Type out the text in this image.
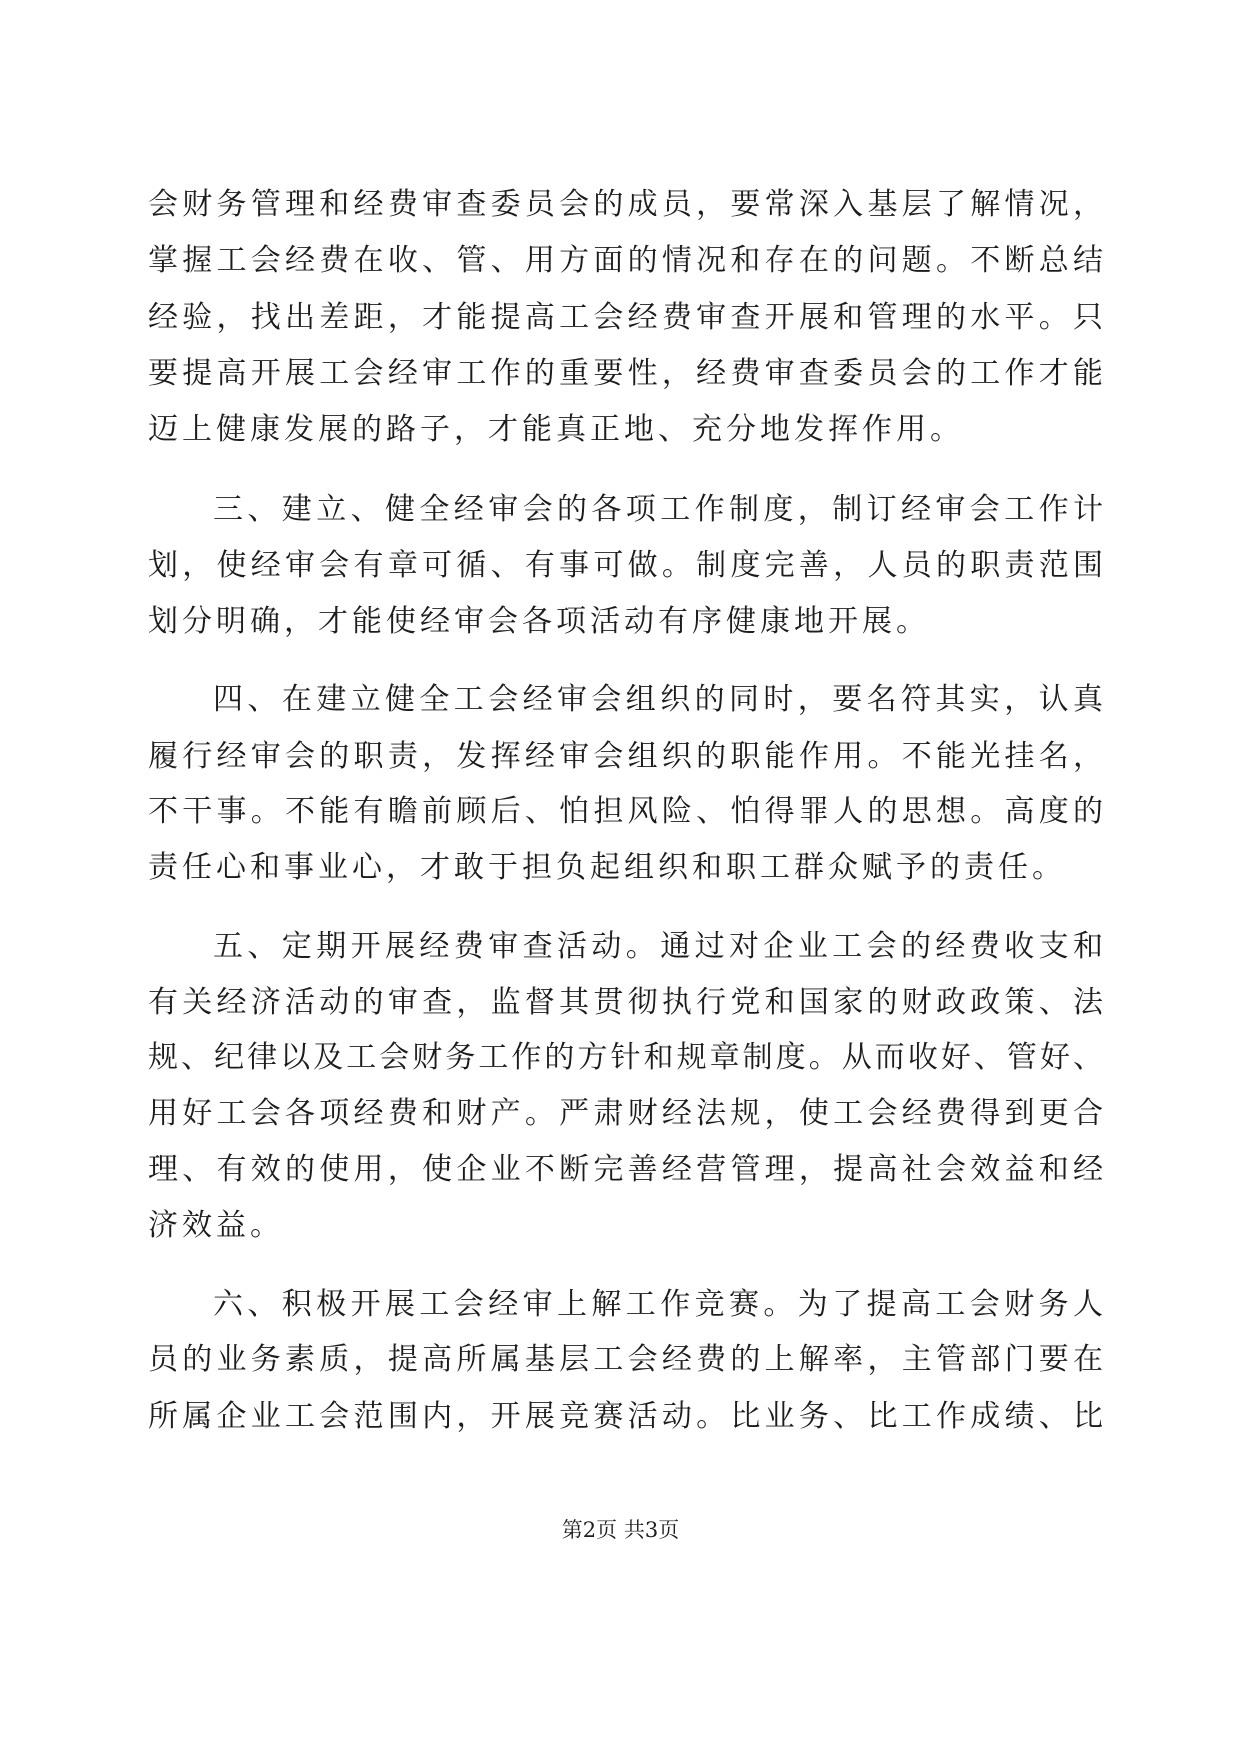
会财务管理和经费审查委员会的成员，要常深入基层了解情况，
掌握工会经费在收、管、用方面的情况和存在的问题。不断总结
经验，找出差距，才能提高工会经费审查开展和管理的水平。只
要提高开展工会经审工作的重要性，经费审查委员会的工作才能
迈上健康发展的路子，才能真正地、充分地发挥作用。
三、建立、健全经审会的各项工作制度，制订经审会工作计
划，使经审会有章可循、有事可做。制度完善，人员的职责范围
划分明确，才能使经审会各项活动有序健康地开展。
四、在建立健全工会经审会组织的同时，要名符其实，认真
履行经审会的职责，发挥经审会组织的职能作用。不能光挂名，
不干事。不能有瞻前顾后、怕担风险、怕得罪人的思想。高度的
责任心和事业心，才敢于担负起组织和职工群众赋予的责任。
五、定期开展经费审查活动。通过对企业工会的经费收支和
有关经济活动的审查，监督其贯彻执行党和国家的财政政策、法
规、纪律以及工会财务工作的方针和规章制度。从而收好、管好、
用好工会各项经费和财产。严肃财经法规，使工会经费得到更合
理、有效的使用，使企业不断完善经营管理，提高社会效益和经
济效益。
六、积极开展工会经审上解工作竞赛。为了提高工会财务人
员的业务素质，提高所属基层工会经费的上解率，主管部门要在
所属企业工会范围内，开展竞赛活动。比业务、比工作成绩、比
第2页 共3页
